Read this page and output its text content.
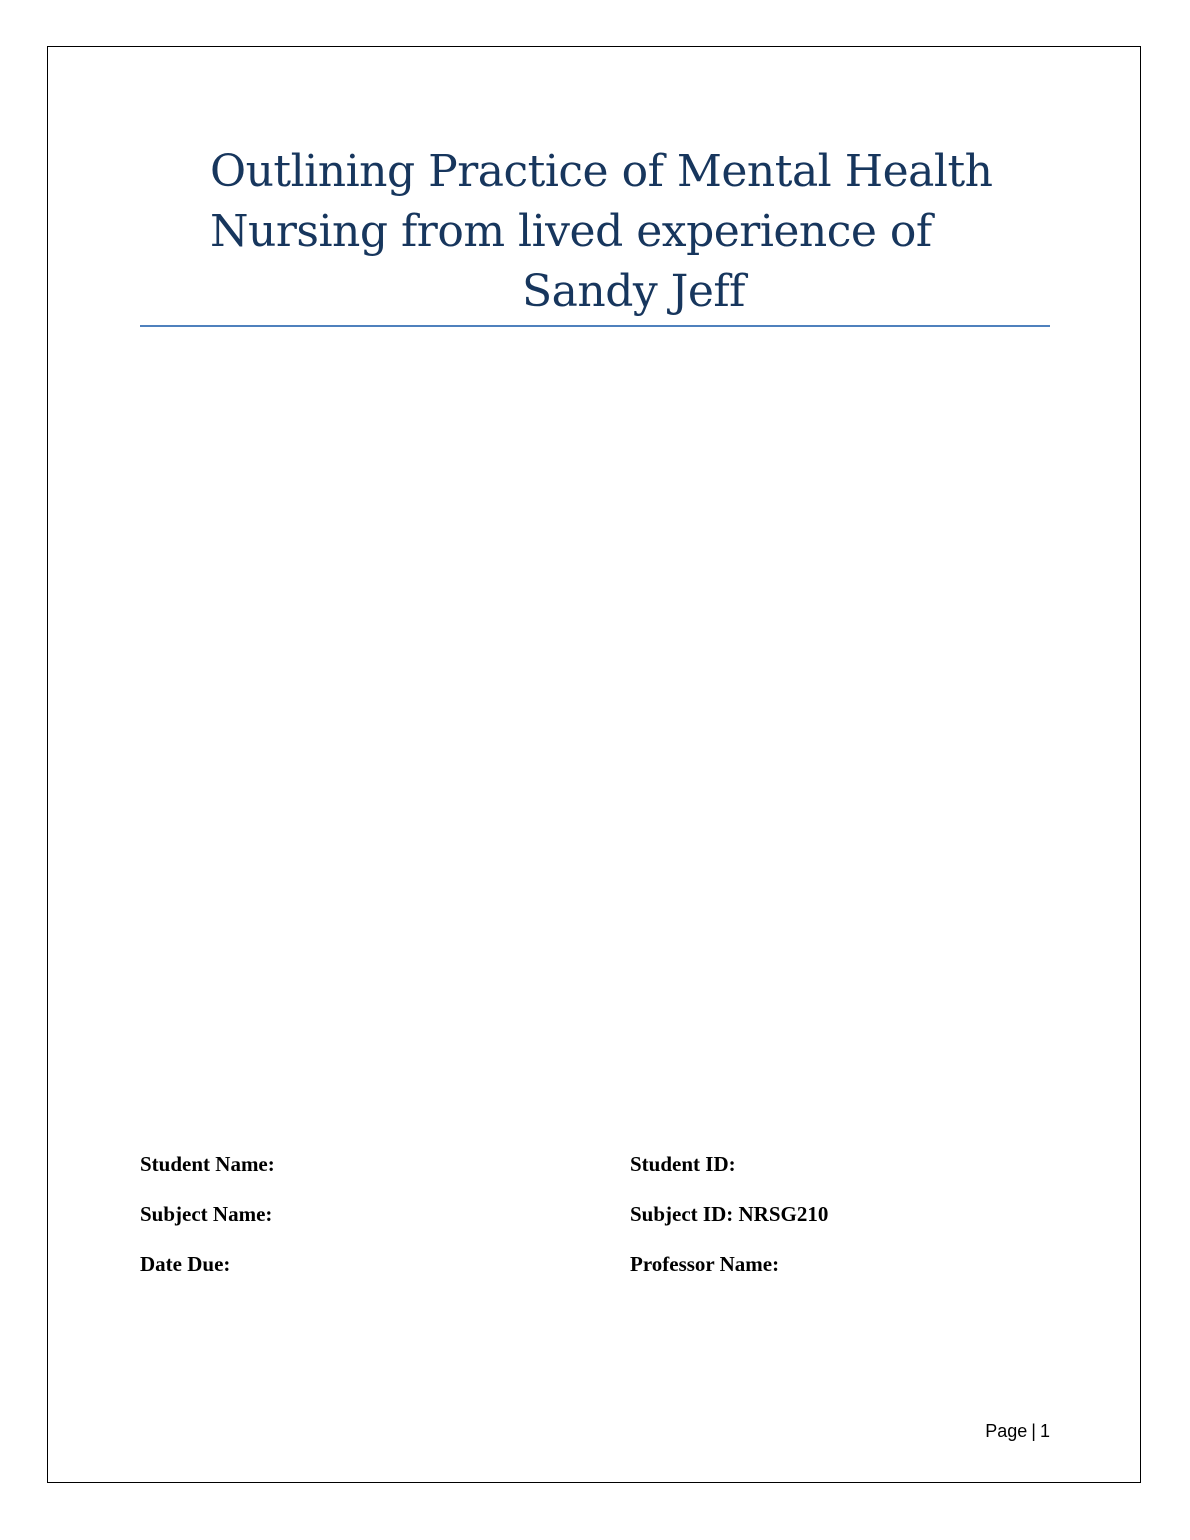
Outlining Practice of Mental Health
Nursing from lived experience of
Sandy Jeff
Student Name:	Student ID:
Subject Name:	Subject ID: NRSG210
Date Due:	Professor Name:
Page | 1
